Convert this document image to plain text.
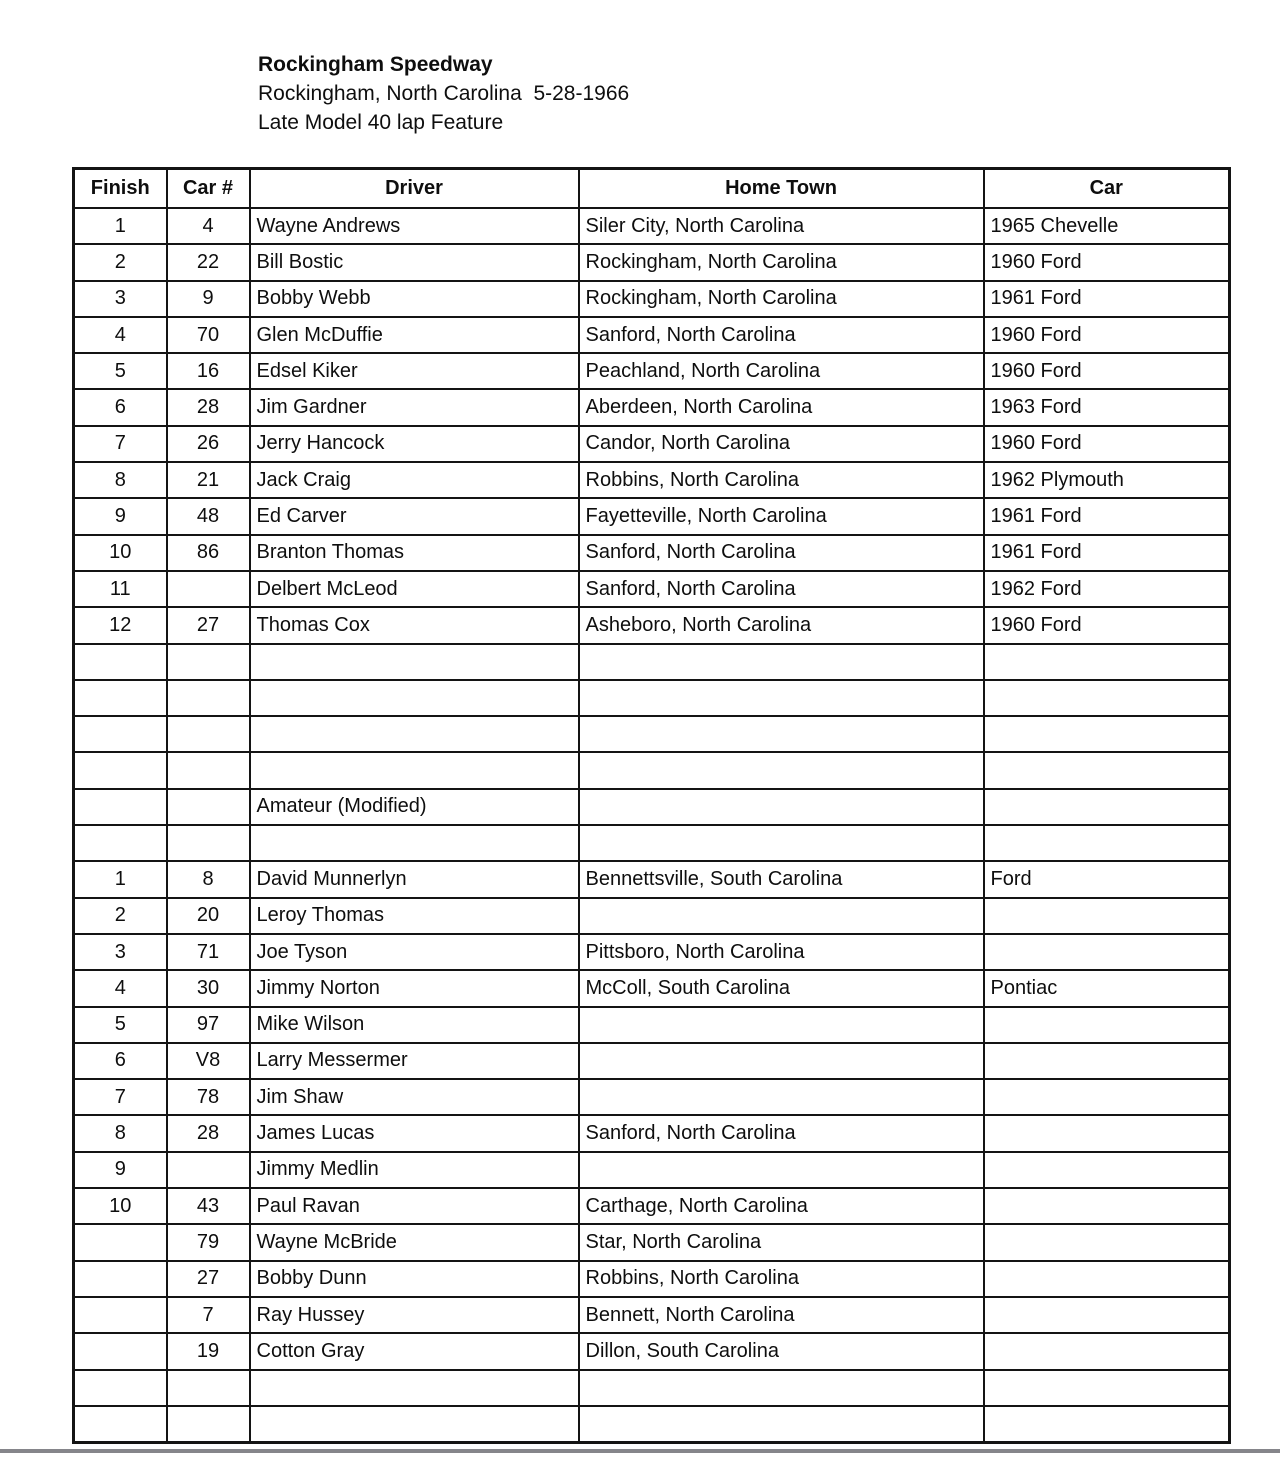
Rockingham Speedway
Rockingham, North Carolina  5-28-1966
Late Model 40 lap Feature
Finish	Car #	Driver	Home Town	Car
1	4	Wayne Andrews	Siler City, North Carolina	1965 Chevelle
2	22	Bill Bostic	Rockingham, North Carolina	1960 Ford
3	9	Bobby Webb	Rockingham, North Carolina	1961 Ford
4	70	Glen McDuffie	Sanford, North Carolina	1960 Ford
5	16	Edsel Kiker	Peachland, North Carolina	1960 Ford
6	28	Jim Gardner	Aberdeen, North Carolina	1963 Ford
7	26	Jerry Hancock	Candor, North Carolina	1960 Ford
8	21	Jack Craig	Robbins, North Carolina	1962 Plymouth
9	48	Ed Carver	Fayetteville, North Carolina	1961 Ford
10	86	Branton Thomas	Sanford, North Carolina	1961 Ford
11		Delbert McLeod	Sanford, North Carolina	1962 Ford
12	27	Thomas Cox	Asheboro, North Carolina	1960 Ford

		Amateur (Modified)		

1	8	David Munnerlyn	Bennettsville, South Carolina	Ford
2	20	Leroy Thomas		
3	71	Joe Tyson	Pittsboro, North Carolina	
4	30	Jimmy Norton	McColl, South Carolina	Pontiac
5	97	Mike Wilson		
6	V8	Larry Messermer		
7	78	Jim Shaw		
8	28	James Lucas	Sanford, North Carolina	
9		Jimmy Medlin		
10	43	Paul Ravan	Carthage, North Carolina	
	79	Wayne McBride	Star, North Carolina	
	27	Bobby Dunn	Robbins, North Carolina	
	7	Ray Hussey	Bennett, North Carolina	
	19	Cotton Gray	Dillon, South Carolina	
